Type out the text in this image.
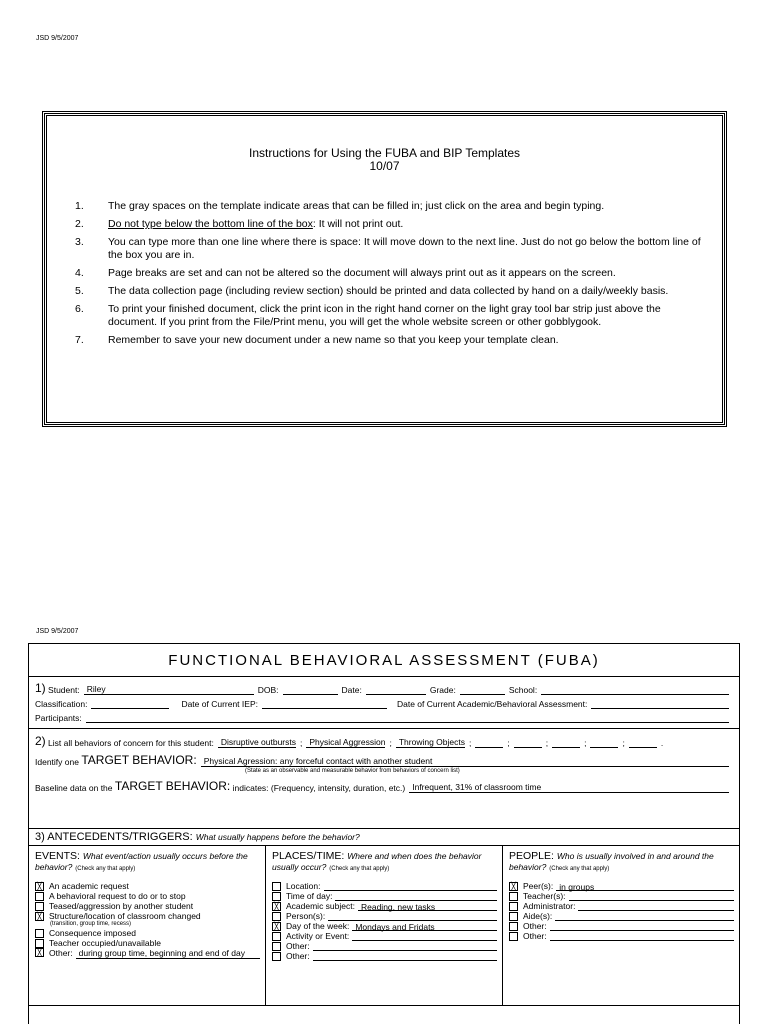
JSD 9/5/2007
Instructions for Using the FUBA and BIP Templates
10/07
1.	The gray spaces on the template indicate areas that can be filled in; just click on the area and begin typing.
2.	Do not type below the bottom line of the box: It will not print out.
3.	You can type more than one line where there is space: It will move down to the next line. Just do not go below the bottom line of the box you are in.
4.	Page breaks are set and can not be altered so the document will always print out as it appears on the screen.
5.	The data collection page (including review section) should be printed and data collected by hand on a daily/weekly basis.
6.	To print your finished document, click the print icon in the right hand corner on the light gray tool bar strip just above the document. If you print from the File/Print menu, you will get the whole website screen or other gobblygook.
7.	Remember to save your new document under a new name so that you keep your template clean.
JSD 9/5/2007
FUNCTIONAL BEHAVIORAL ASSESSMENT (FUBA)
1)
Student: Riley	DOB:	Date:	Grade:	School:
Classification:	Date of Current IEP:	Date of Current Academic/Behavioral Assessment:
Participants:
2)
List all behaviors of concern for this student: Disruptive outbursts ; Physical Aggression ; Throwing Objects ;	;	;	;	;	.
Identify one
TARGET BEHAVIOR: Physical Agression: any forceful contact with another student
(State as an observable and measurable behavior from behaviors of concern list)
Baseline data on the
TARGET BEHAVIOR:
indicates: (Frequency, intensity, duration, etc.) Infrequent, 31% of classroom time
3) ANTECEDENTS/TRIGGERS: What usually happens before the behavior?
EVENTS: What event/action usually occurs before the behavior? (Check any that apply)
╳ An academic request
A behavioral request to do or to stop
Teased/aggression by another student
╳ Structure/location of classroom changed
(transition, group time, recess)
Consequence imposed
Teacher occupied/unavailable
╳ Other: during group time, beginning and end of day
PLACES/TIME: Where and when does the behavior usually occur? (Check any that apply)
Location:
Time of day:
╳ Academic subject: Reading, new tasks
Person(s):
╳ Day of the week: Mondays and Fridats
Activity or Event:
Other:
Other:
PEOPLE: Who is usually involved in and around the behavior? (Check any that apply)
╳ Peer(s): in groups
Teacher(s):
Administrator:
Aide(s):
Other:
Other:
